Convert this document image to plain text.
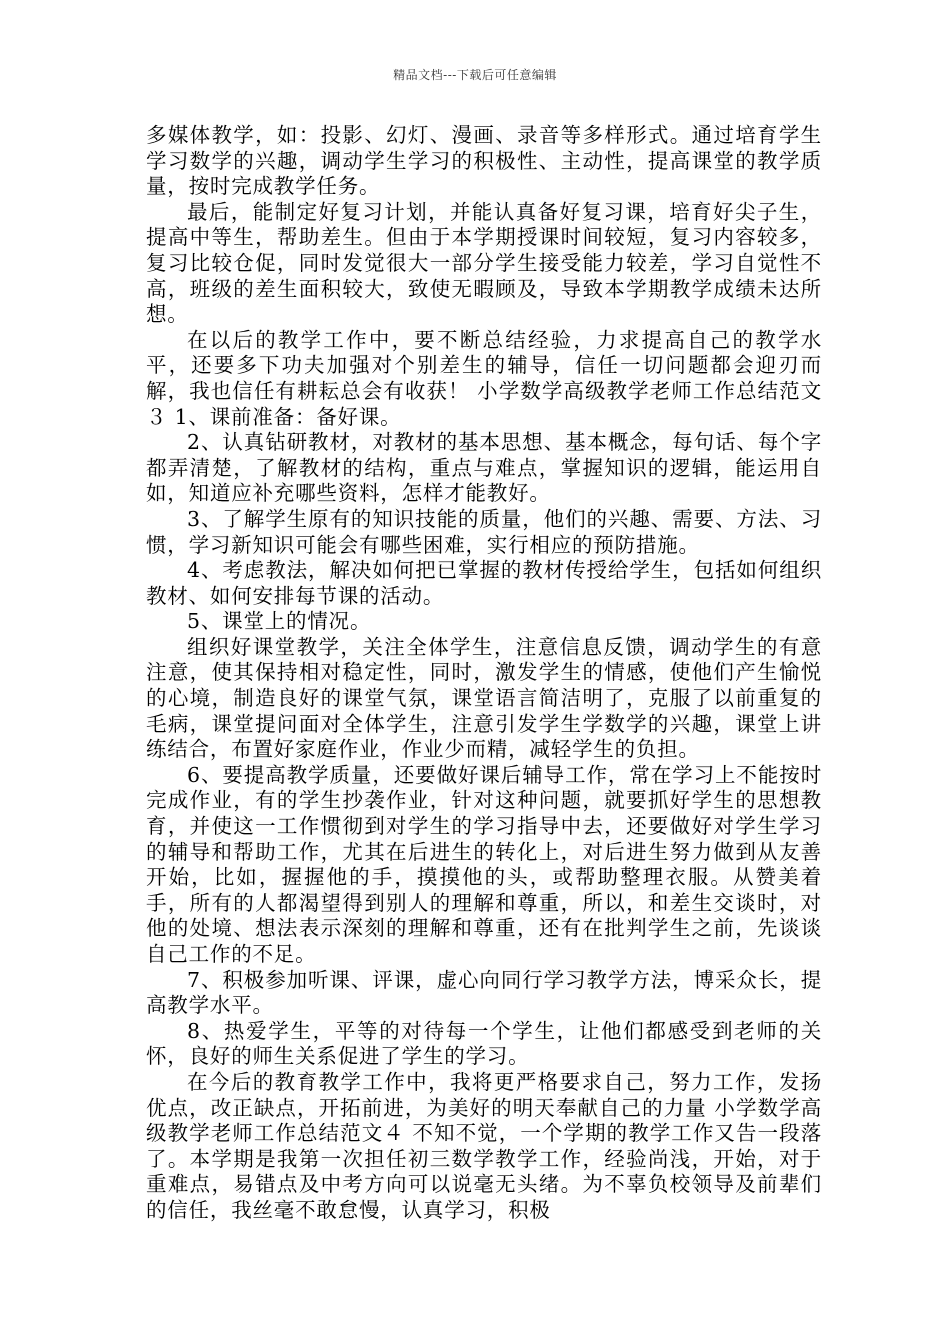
精品文档---下载后可任意编辑

多媒体教学，如：投影、幻灯、漫画、录音等多样形式。通过培育学生学习数学的兴趣，调动学生学习的积极性、主动性，提高课堂的教学质量，按时完成教学任务。

最后，能制定好复习计划，并能认真备好复习课，培育好尖子生，提高中等生，帮助差生。但由于本学期授课时间较短，复习内容较多，复习比较仓促，同时发觉很大一部分学生接受能力较差，学习自觉性不高，班级的差生面积较大，致使无暇顾及，导致本学期教学成绩未达所想。

在以后的教学工作中，要不断总结经验，力求提高自己的教学水平，还要多下功夫加强对个别差生的辅导，信任一切问题都会迎刃而解，我也信任有耕耘总会有收获！ 小学数学高级教学老师工作总结范文３ 1、课前准备：备好课。

2、认真钻研教材，对教材的基本思想、基本概念，每句话、每个字都弄清楚，了解教材的结构，重点与难点，掌握知识的逻辑，能运用自如，知道应补充哪些资料，怎样才能教好。

3、了解学生原有的知识技能的质量，他们的兴趣、需要、方法、习惯，学习新知识可能会有哪些困难，实行相应的预防措施。

4、考虑教法，解决如何把已掌握的教材传授给学生，包括如何组织教材、如何安排每节课的活动。

5、课堂上的情况。

组织好课堂教学，关注全体学生，注意信息反馈，调动学生的有意注意，使其保持相对稳定性，同时，激发学生的情感，使他们产生愉悦的心境，制造良好的课堂气氛，课堂语言简洁明了，克服了以前重复的毛病，课堂提问面对全体学生，注意引发学生学数学的兴趣，课堂上讲练结合，布置好家庭作业，作业少而精，减轻学生的负担。

6、要提高教学质量，还要做好课后辅导工作，常在学习上不能按时完成作业，有的学生抄袭作业，针对这种问题，就要抓好学生的思想教育，并使这一工作惯彻到对学生的学习指导中去，还要做好对学生学习的辅导和帮助工作，尤其在后进生的转化上，对后进生努力做到从友善开始，比如，握握他的手，摸摸他的头，或帮助整理衣服。从赞美着手，所有的人都渴望得到别人的理解和尊重，所以，和差生交谈时，对他的处境、想法表示深刻的理解和尊重，还有在批判学生之前，先谈谈自己工作的不足。

7、积极参加听课、评课，虚心向同行学习教学方法，博采众长，提高教学水平。

8、热爱学生，平等的对待每一个学生，让他们都感受到老师的关怀，良好的师生关系促进了学生的学习。

在今后的教育教学工作中，我将更严格要求自己，努力工作，发扬优点，改正缺点，开拓前进，为美好的明天奉献自己的力量 小学数学高级教学老师工作总结范文４ 不知不觉，一个学期的教学工作又告一段落了。本学期是我第一次担任初三数学教学工作，经验尚浅，开始，对于重难点，易错点及中考方向可以说毫无头绪。为不辜负校领导及前辈们的信任，我丝毫不敢怠慢，认真学习，积极
